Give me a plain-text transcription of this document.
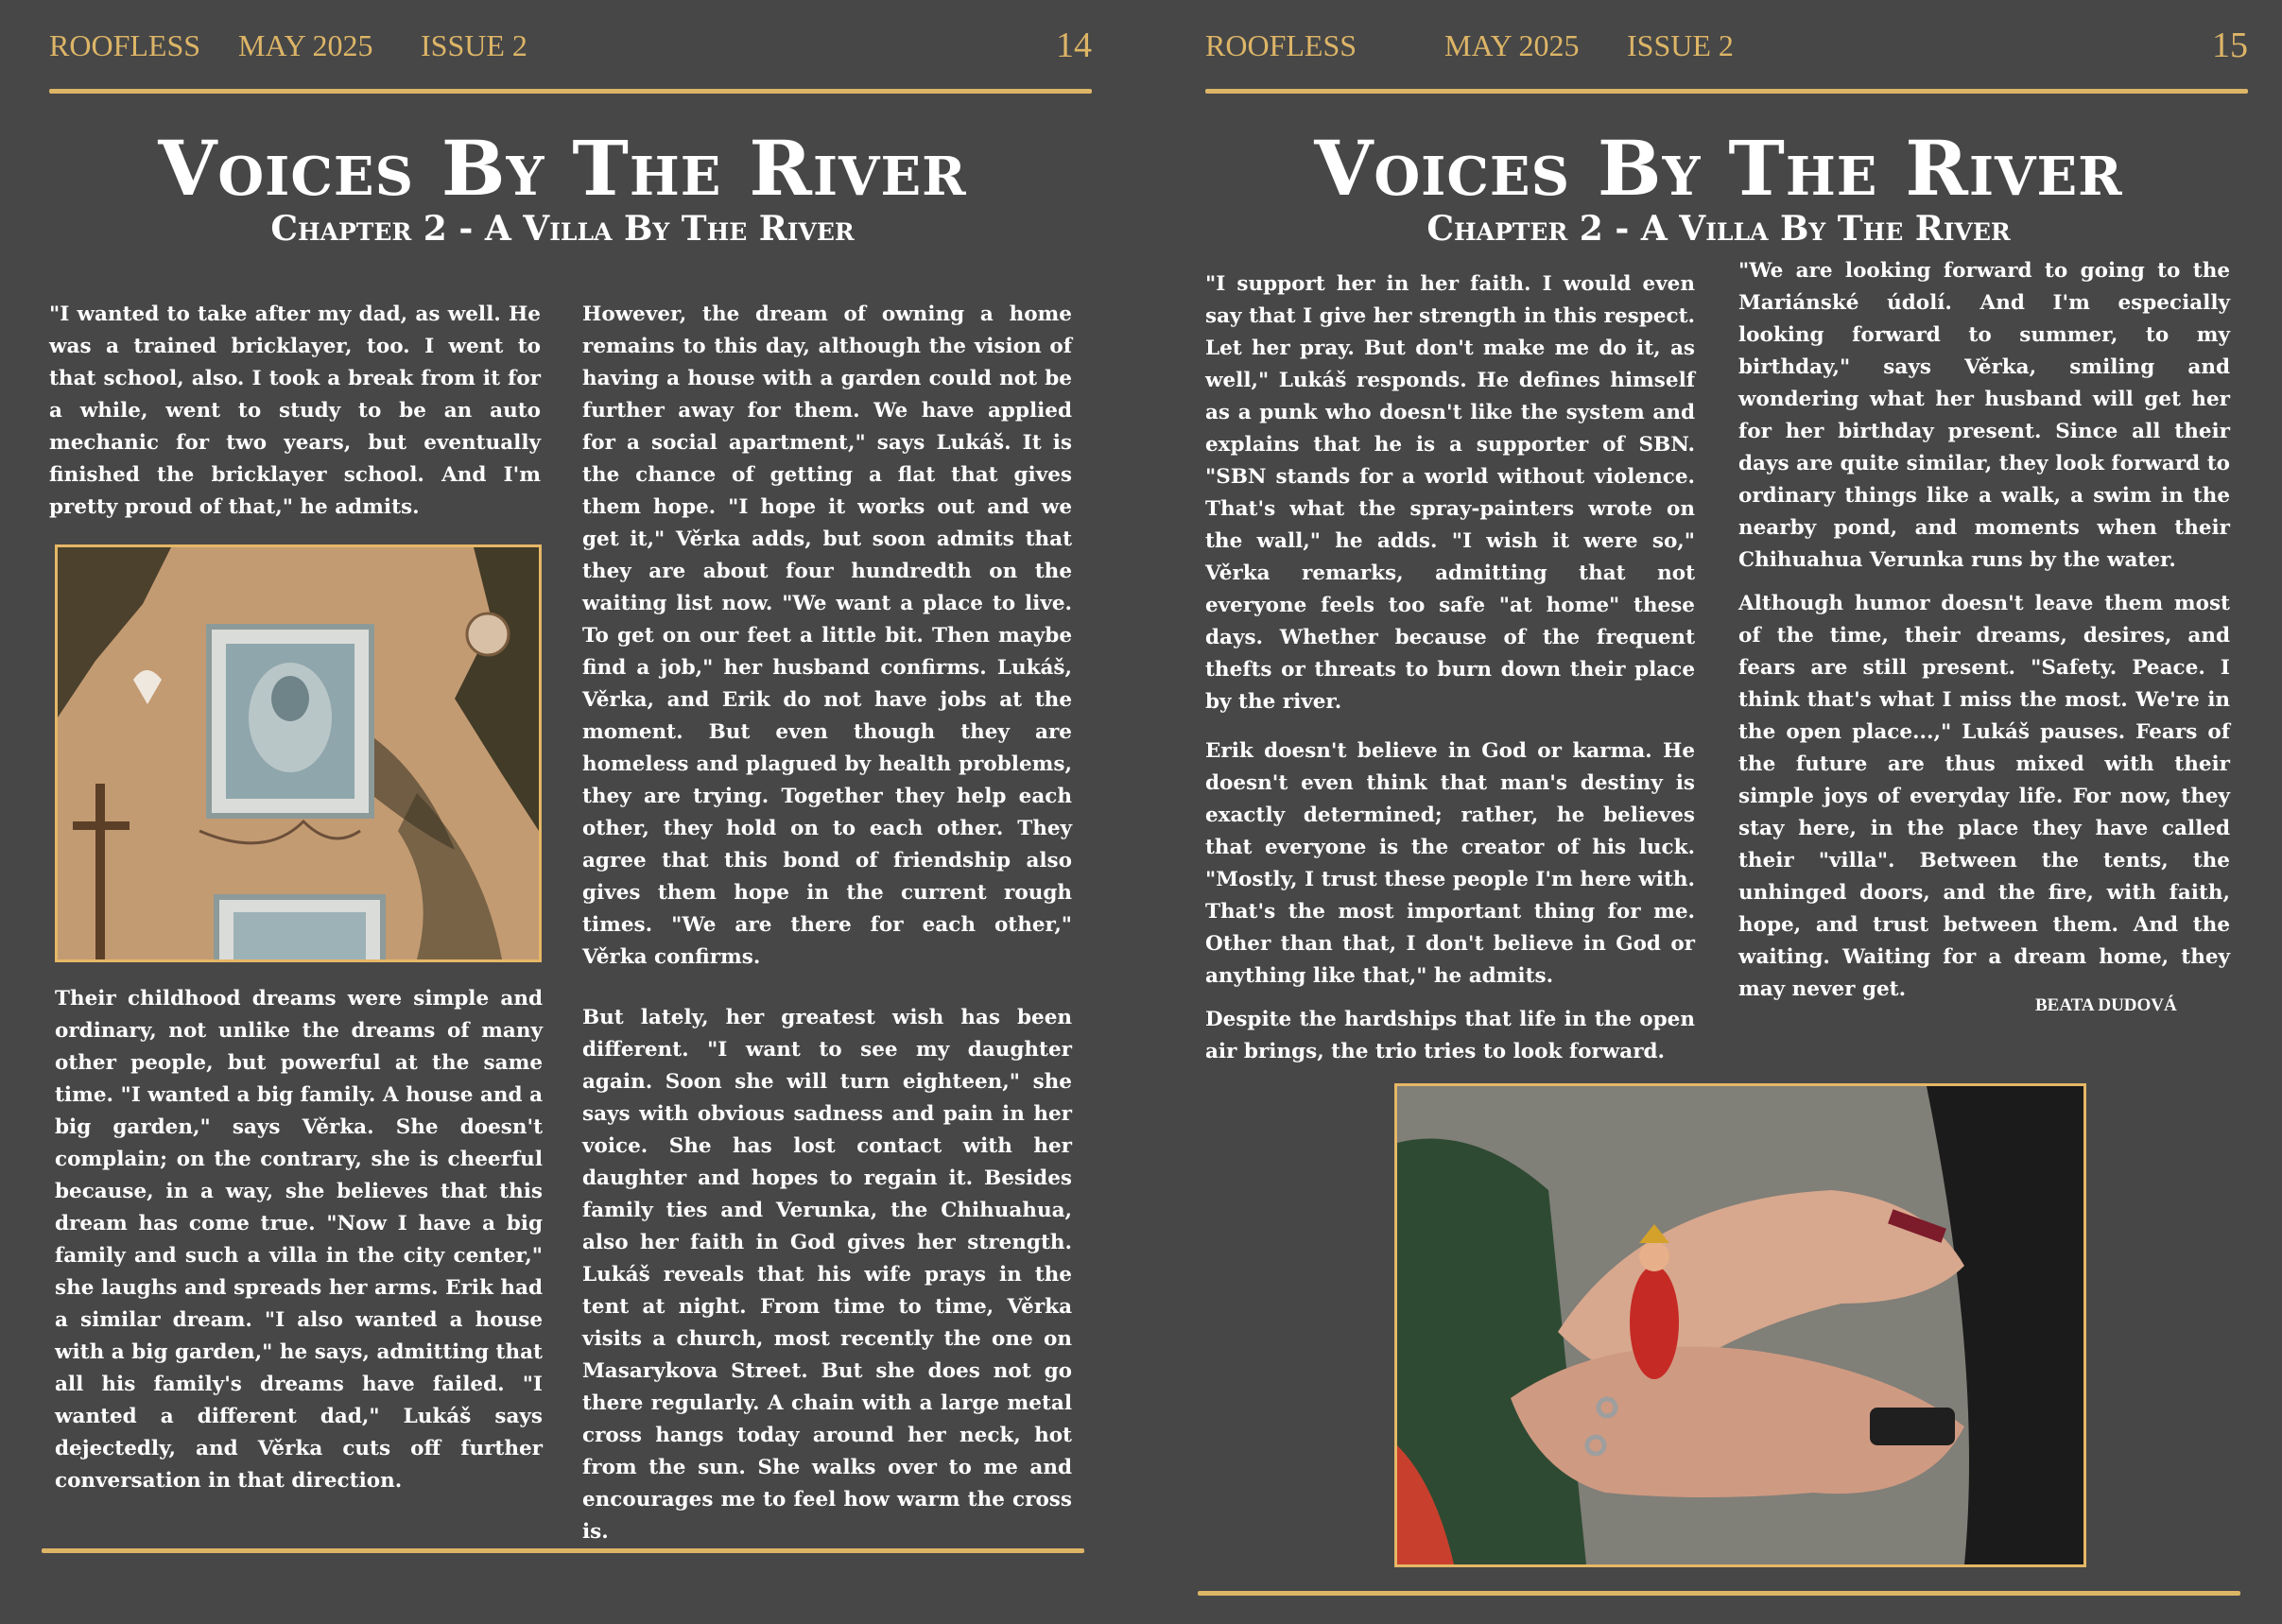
ROOFLESS MAY 2025 ISSUE 2	14
Voices By The River
Chapter 2 - A Villa By The River

"I wanted to take after my dad, as well. He was a trained bricklayer, too. I went to that school, also. I took a break from it for a while, went to study to be an auto mechanic for two years, but eventually finished the bricklayer school. And I'm pretty proud of that," he admits.

Their childhood dreams were simple and ordinary, not unlike the dreams of many other people, but powerful at the same time. "I wanted a big family. A house and a big garden," says Věrka. She doesn't complain; on the contrary, she is cheerful because, in a way, she believes that this dream has come true. "Now I have a big family and such a villa in the city center," she laughs and spreads her arms. Erik had a similar dream. "I also wanted a house with a big garden," he says, admitting that all his family's dreams have failed. "I wanted a different dad," Lukáš says dejectedly, and Věrka cuts off further conversation in that direction.

However, the dream of owning a home remains to this day, although the vision of having a house with a garden could not be further away for them. We have applied for a social apartment," says Lukáš. It is the chance of getting a flat that gives them hope. "I hope it works out and we get it," Věrka adds, but soon admits that they are about four hundredth on the waiting list now. "We want a place to live. To get on our feet a little bit. Then maybe find a job," her husband confirms. Lukáš, Věrka, and Erik do not have jobs at the moment. But even though they are homeless and plagued by health problems, they are trying. Together they help each other, they hold on to each other. They agree that this bond of friendship also gives them hope in the current rough times. "We are there for each other," Věrka confirms.

But lately, her greatest wish has been different. "I want to see my daughter again. Soon she will turn eighteen," she says with obvious sadness and pain in her voice. She has lost contact with her daughter and hopes to regain it. Besides family ties and Verunka, the Chihuahua, also her faith in God gives her strength. Lukáš reveals that his wife prays in the tent at night. From time to time, Věrka visits a church, most recently the one on Masarykova Street. But she does not go there regularly. A chain with a large metal cross hangs today around her neck, hot from the sun. She walks over to me and encourages me to feel how warm the cross is.

ROOFLESS	MAY 2025 ISSUE 2	15
Voices By The River
Chapter 2 - A Villa By The River

"I support her in her faith. I would even say that I give her strength in this respect. Let her pray. But don't make me do it, as well," Lukáš responds. He defines himself as a punk who doesn't like the system and explains that he is a supporter of SBN. "SBN stands for a world without violence. That's what the spray-painters wrote on the wall," he adds. "I wish it were so," Věrka remarks, admitting that not everyone feels too safe "at home" these days. Whether because of the frequent thefts or threats to burn down their place by the river.

Erik doesn't believe in God or karma. He doesn't even think that man's destiny is exactly determined; rather, he believes that everyone is the creator of his luck. "Mostly, I trust these people I'm here with. That's the most important thing for me. Other than that, I don't believe in God or anything like that," he admits.

Despite the hardships that life in the open air brings, the trio tries to look forward.

"We are looking forward to going to the Mariánské údolí. And I'm especially looking forward to summer, to my birthday," says Věrka, smiling and wondering what her husband will get her for her birthday present. Since all their days are quite similar, they look forward to ordinary things like a walk, a swim in the nearby pond, and moments when their Chihuahua Verunka runs by the water.

Although humor doesn't leave them most of the time, their dreams, desires, and fears are still present. "Safety. Peace. I think that's what I miss the most. We're in the open place...," Lukáš pauses. Fears of the future are thus mixed with their simple joys of everyday life. For now, they stay here, in the place they have called their "villa". Between the tents, the unhinged doors, and the fire, with faith, hope, and trust between them. And the waiting. Waiting for a dream home, they may never get.

BEATA DUDOVÁ
